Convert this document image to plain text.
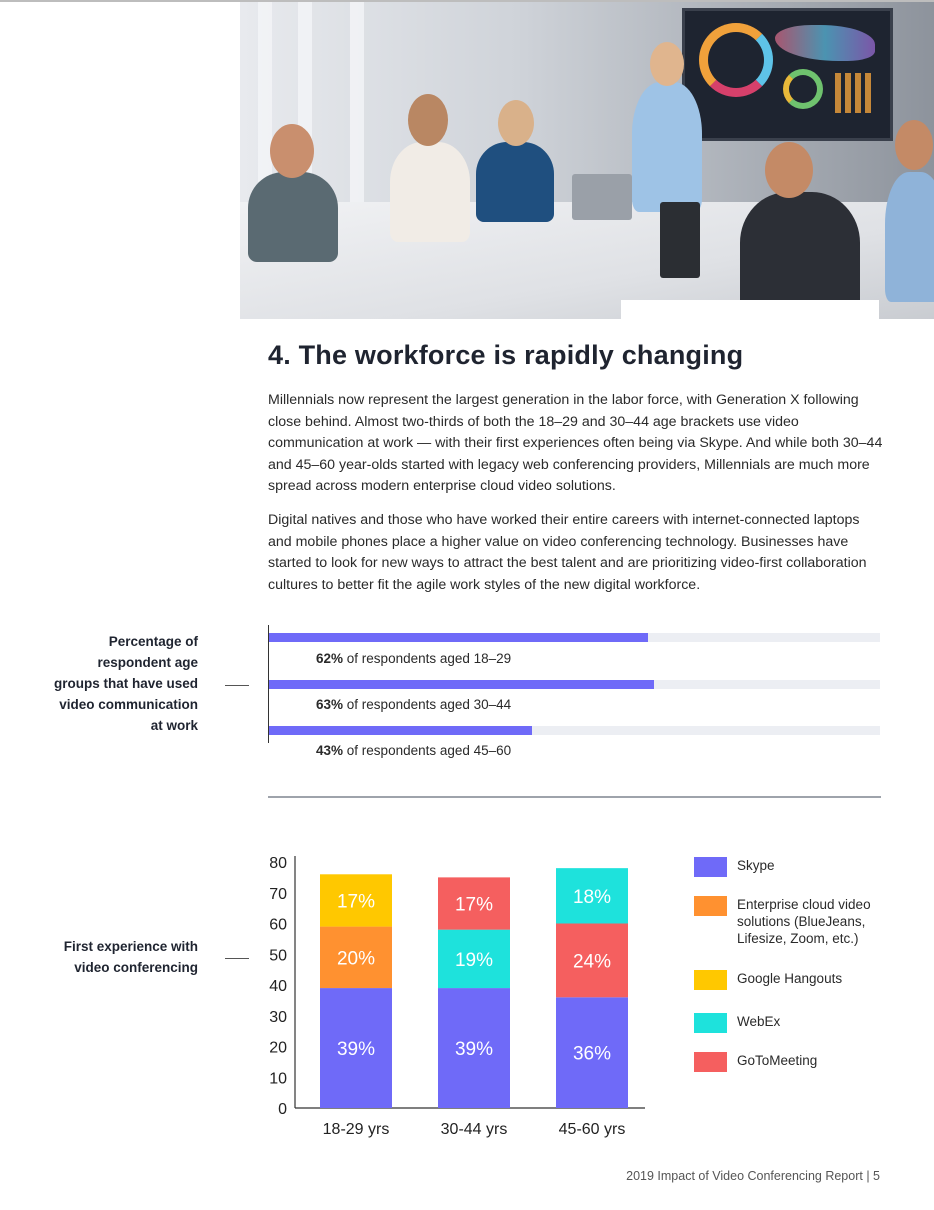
4. The workforce is rapidly changing

Millennials now represent the largest generation in the labor force, with Generation X following close behind. Almost two-thirds of both the 18–29 and 30–44 age brackets use video communication at work — with their first experiences often being via Skype. And while both 30–44 and 45–60 year-olds started with legacy web conferencing providers, Millennials are much more spread across modern enterprise cloud video solutions.

Digital natives and those who have worked their entire careers with internet-connected laptops and mobile phones place a higher value on video conferencing technology. Businesses have started to look for new ways to attract the best talent and are prioritizing video-first collaboration cultures to better fit the agile work styles of the new digital workforce.

Percentage of
respondent age
groups that have used
video communication
at work
62% of respondents aged 18–29
63% of respondents aged 30–44
43% of respondents aged 45–60
First experience with
video conferencing
0
10
20
30
40
50
60
70
80
39%
20%
17%
18-29 yrs
39%
19%
17%
30-44 yrs
36%
24%
18%
45-60 yrs
Skype
Enterprise cloud video solutions (BlueJeans, Lifesize, Zoom, etc.)
Google Hangouts
WebEx
GoToMeeting
2019 Impact of Video Conferencing Report | 5
